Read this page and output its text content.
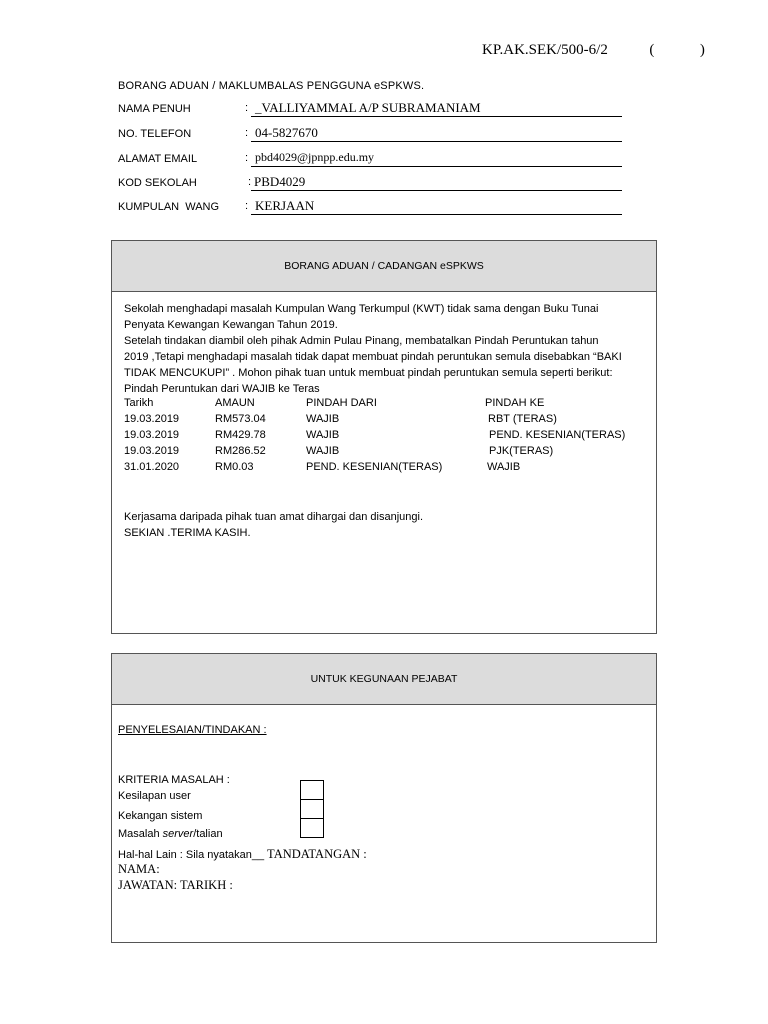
KP.AK.SEK/500-6/2	(	)
BORANG ADUAN / MAKLUMBALAS PENGGUNA eSPKWS.
NAMA PENUH	: _VALLIYAMMAL A/P SUBRAMANIAM
NO. TELEFON	: 04-5827670
ALAMAT EMAIL	: pbd4029@jpnpp.edu.my
KOD SEKOLAH	: PBD4029
KUMPULAN  WANG : KERJAAN
BORANG ADUAN / CADANGAN eSPKWS
Sekolah menghadapi masalah Kumpulan Wang Terkumpul (KWT) tidak sama dengan Buku Tunai
Penyata Kewangan Kewangan Tahun 2019.
Setelah tindakan diambil oleh pihak Admin Pulau Pinang, membatalkan Pindah Peruntukan tahun
2019 ,Tetapi menghadapi masalah tidak dapat membuat pindah peruntukan semula disebabkan “BAKI
TIDAK MENCUKUPI” . Mohon pihak tuan untuk membuat pindah peruntukan semula seperti berikut:
Pindah Peruntukan dari WAJIB ke Teras
Tarikh	AMAUN	PINDAH DARI	PINDAH KE
19.03.2019	RM573.04	WAJIB	RBT (TERAS)
19.03.2019	RM429.78	WAJIB	PEND. KESENIAN(TERAS)
19.03.2019	RM286.52	WAJIB	PJK(TERAS)
31.01.2020	RM0.03	PEND. KESENIAN(TERAS)	WAJIB
Kerjasama daripada pihak tuan amat dihargai dan disanjungi.
SEKIAN .TERIMA KASIH.
UNTUK KEGUNAAN PEJABAT
PENYELESAIAN/TINDAKAN :
KRITERIA MASALAH :
Kesilapan user
Kekangan sistem
Masalah server/talian
Hal-hal Lain : Sila nyatakan__ TANDATANGAN :
NAMA:
JAWATAN: TARIKH :
